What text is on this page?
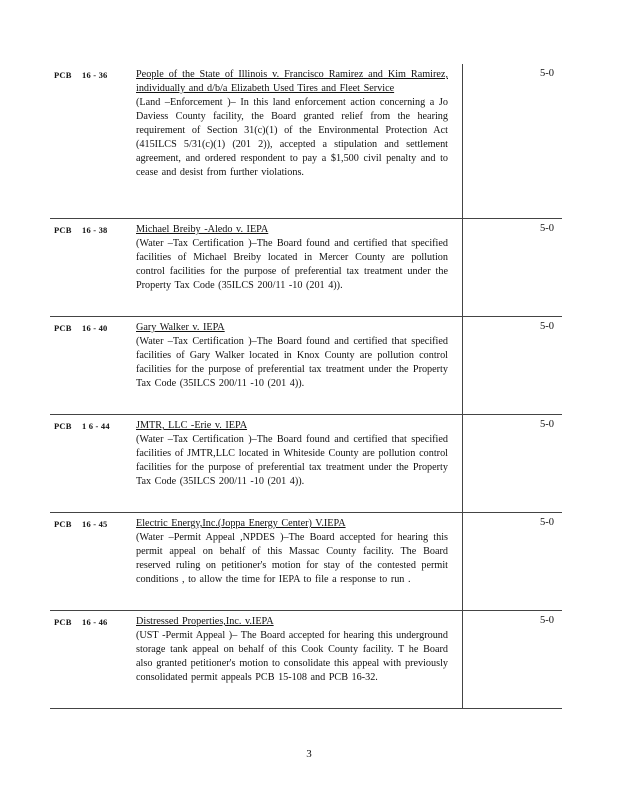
PCB 16 - 36	People of the State of Illinois v. Francisco Ramirez and Kim Ramirez, individually and d/b/a Elizabeth Used Tires and Fleet Service
(Land –Enforcement )– In this land enforcement action concerning a Jo Daviess County facility, the Board granted relief from the hearing requirement of Section 31(c)(1) of the Environmental Protection Act (415ILCS 5/31(c)(1) (201 2)), accepted a stipulation and settlement agreement, and ordered respondent to pay a $1,500 civil penalty and to cease and desist from further violations.
5-0
PCB 16 - 38	Michael Breiby -Aledo v. IEPA
(Water –Tax Certification )–The Board found and certified that specified facilities of Michael Breiby located in Mercer County are pollution control facilities for the purpose of preferential tax treatment under the Property Tax Code (35ILCS 200/11 -10 (201 4)).
5-0
PCB 16 - 40	Gary Walker v. IEPA
(Water –Tax Certification )–The Board found and certified that specified facilities of Gary Walker located in Knox County are pollution control facilities for the purpose of preferential tax treatment under the Property Tax Code (35ILCS 200/11 -10 (201 4)).
5-0
PCB 1 6 - 44	JMTR, LLC -Erie v. IEPA
(Water –Tax Certification )–The Board found and certified that specified facilities of JMTR,LLC located in Whiteside County are pollution control facilities for the purpose of preferential tax treatment under the Property Tax Code (35ILCS 200/11 -10 (201 4)).
5-0
PCB 16 - 45	Electric Energy,Inc.(Joppa Energy Center) V.IEPA
(Water –Permit Appeal ,NPDES )–The Board accepted for hearing this permit appeal on behalf of this Massac County facility. The Board reserved ruling on petitioner's motion for stay of the contested permit conditions , to allow the time for IEPA to file a response to run .
5-0
PCB 16 - 46	Distressed Properties,Inc. v.IEPA
(UST -Permit Appeal )– The Board accepted for hearing this underground storage tank appeal on behalf of this Cook County facility. T he Board also granted petitioner's motion to consolidate this appeal with previously consolidated permit appeals PCB 15-108 and PCB 16-32.
5-0
3
